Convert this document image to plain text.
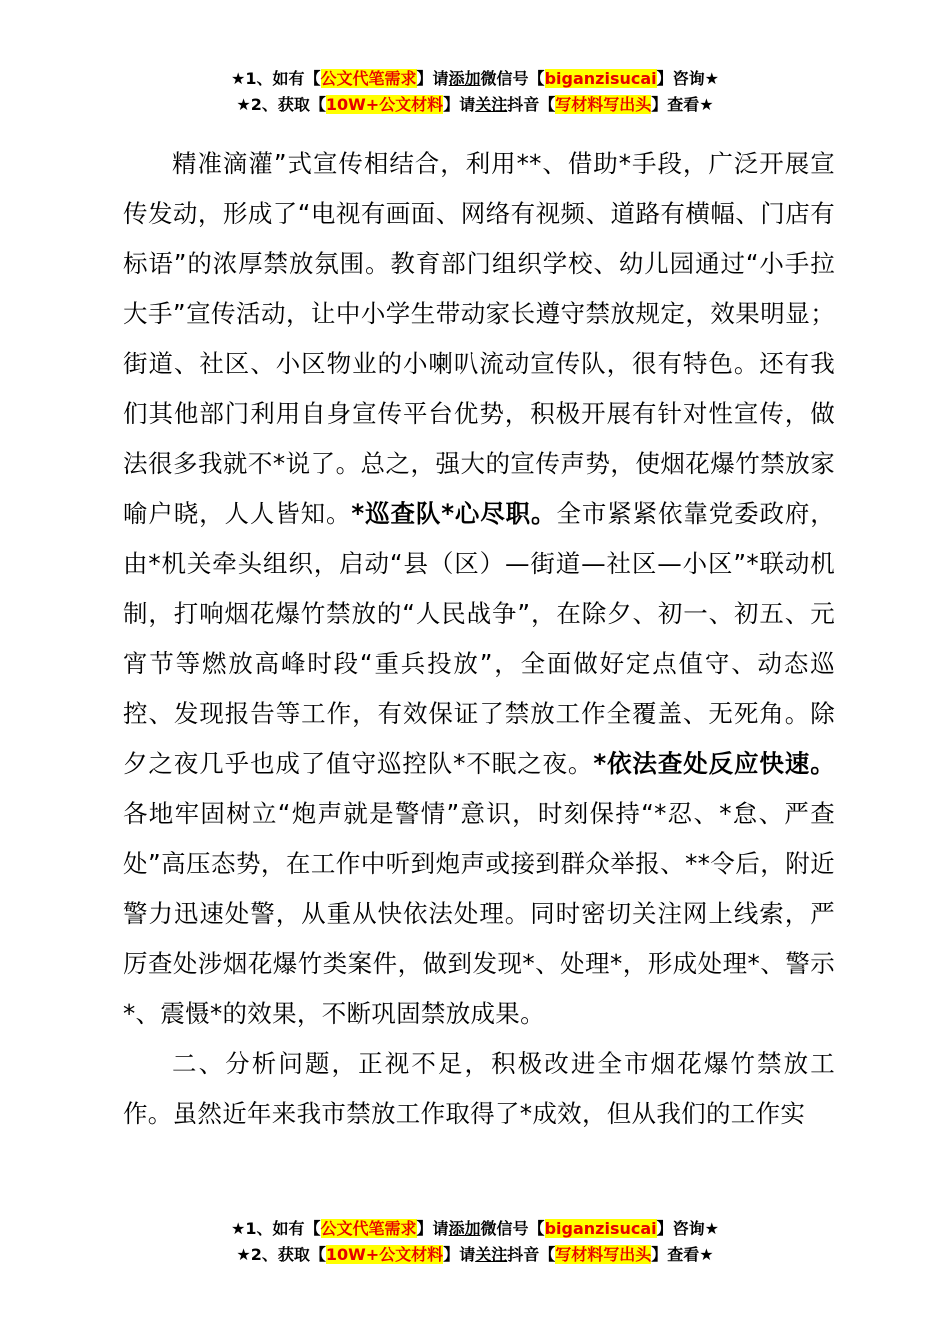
★1、如有【公文代笔需求】请添加微信号【biganzisucai】咨询★
★2、获取【10W+公文材料】请关注抖音【写材料写出头】查看★

精准滴灌”式宣传相结合，利用**、借助*手段，广泛开展宣传发动，形成了“电视有画面、网络有视频、道路有横幅、门店有标语”的浓厚禁放氛围。教育部门组织学校、幼儿园通过“小手拉大手”宣传活动，让中小学生带动家长遵守禁放规定，效果明显；街道、社区、小区物业的小喇叭流动宣传队，很有特色。还有我们其他部门利用自身宣传平台优势，积极开展有针对性宣传，做法很多我就不*说了。总之，强大的宣传声势，使烟花爆竹禁放家喻户晓，人人皆知。*巡查队*心尽职。全市紧紧依靠党委政府，由*机关牵头组织，启动“县（区）—街道—社区—小区”*联动机制，打响烟花爆竹禁放的“人民战争”，在除夕、初一、初五、元宵节等燃放高峰时段“重兵投放”，全面做好定点值守、动态巡控、发现报告等工作，有效保证了禁放工作全覆盖、无死角。除夕之夜几乎也成了值守巡控队*不眠之夜。*依法查处反应快速。各地牢固树立“炮声就是警情”意识，时刻保持“*忍、*怠、严查处”高压态势，在工作中听到炮声或接到群众举报、**令后，附近警力迅速处警，从重从快依法处理。同时密切关注网上线索，严厉查处涉烟花爆竹类案件，做到发现*、处理*，形成处理*、警示*、震慑*的效果，不断巩固禁放成果。

二、分析问题，正视不足，积极改进全市烟花爆竹禁放工作。虽然近年来我市禁放工作取得了*成效，但从我们的工作实

★1、如有【公文代笔需求】请添加微信号【biganzisucai】咨询★
★2、获取【10W+公文材料】请关注抖音【写材料写出头】查看★
